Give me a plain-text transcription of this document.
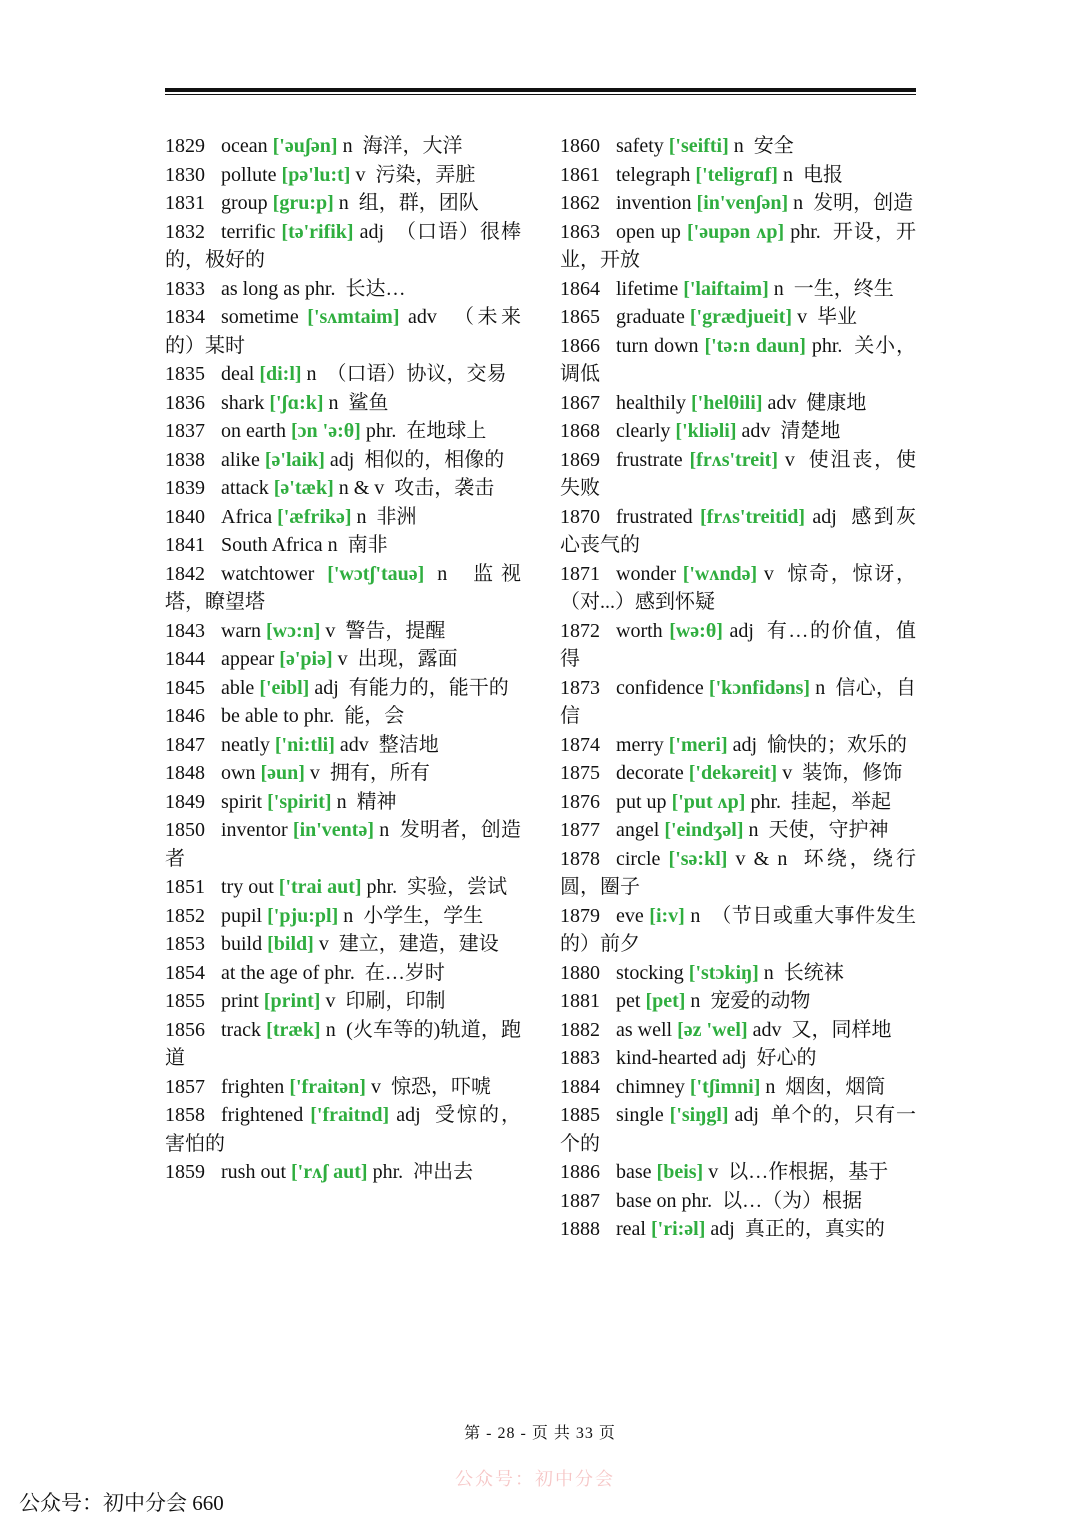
1829 ocean ['əuʃən] n 海洋，大洋
1830 pollute [pə'lu:t] v 污染，弄脏
1831 group [gru:p] n 组，群，团队
1832 terrific [tə'rifik] adj （口语）很棒的，极好的
1833 as long as phr. 长达…
1834 sometime ['sʌmtaim] adv （未来的）某时
1835 deal [di:l] n （口语）协议，交易
1836 shark ['ʃɑ:k] n 鲨鱼
1837 on earth [ɔn 'ə:θ] phr. 在地球上
1838 alike [ə'laik] adj 相似的，相像的
1839 attack [ə'tæk] n & v 攻击，袭击
1840 Africa ['æfrikə] n 非洲
1841 South Africa n 南非
1842 watchtower ['wɔtʃ'tauə] n 监视塔，瞭望塔
1843 warn [wɔ:n] v 警告，提醒
1844 appear [ə'piə] v 出现，露面
1845 able ['eibl] adj 有能力的，能干的
1846 be able to phr. 能，会
1847 neatly ['ni:tli] adv 整洁地
1848 own [əun] v 拥有，所有
1849 spirit ['spirit] n 精神
1850 inventor [in'ventə] n 发明者，创造者
1851 try out ['trai aut] phr. 实验，尝试
1852 pupil ['pju:pl] n 小学生，学生
1853 build [bild] v 建立，建造，建设
1854 at the age of phr. 在…岁时
1855 print [print] v 印刷，印制
1856 track [træk] n (火车等的)轨道，跑道
1857 frighten ['fraitən] v 惊恐，吓唬
1858 frightened ['fraitnd] adj 受惊的，害怕的
1859 rush out ['rʌʃ aut] phr. 冲出去
1860 safety ['seifti] n 安全
1861 telegraph ['teligrɑf] n 电报
1862 invention [in'venʃən] n 发明，创造
1863 open up ['əupən ʌp] phr. 开设，开业，开放
1864 lifetime ['laiftaim] n 一生，终生
1865 graduate ['grædjueit] v 毕业
1866 turn down ['tə:n daun] phr. 关小，调低
1867 healthily ['helθili] adv 健康地
1868 clearly ['kliəli] adv 清楚地
1869 frustrate [frʌs'treit] v 使沮丧，使失败
1870 frustrated [frʌs'treitid] adj 感到灰心丧气的
1871 wonder ['wʌndə] v 惊奇，惊讶，（对...）感到怀疑
1872 worth [wə:θ] adj 有…的价值，值得
1873 confidence ['kɔnfidəns] n 信心，自信
1874 merry ['meri] adj 愉快的；欢乐的
1875 decorate ['dekəreit] v 装饰，修饰
1876 put up ['put ʌp] phr. 挂起，举起
1877 angel ['eindʒəl] n 天使，守护神
1878 circle ['sə:kl] v & n 环绕，绕行　　圆，圈子
1879 eve [i:v] n （节日或重大事件发生的）前夕
1880 stocking ['stɔkiŋ] n 长统袜
1881 pet [pet] n 宠爱的动物
1882 as well [əz 'wel] adv 又，同样地
1883 kind-hearted adj 好心的
1884 chimney ['tʃimni] n 烟囱，烟筒
1885 single ['siŋgl] adj 单个的，只有一个的
1886 base [beis] v 以…作根据，基于
1887 base on phr. 以…（为）根据
1888 real ['ri:əl] adj 真正的，真实的
第 - 28 - 页 共 33 页
公众号：初中分会
公众号：初中分会 660
